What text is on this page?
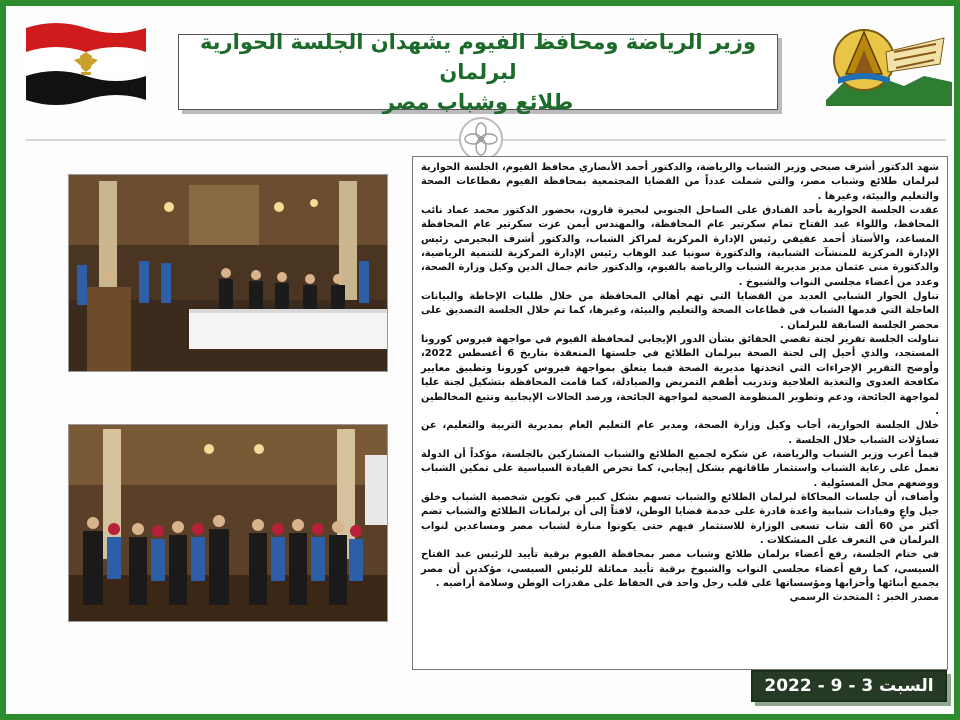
وزير الرياضة ومحافظ الفيوم يشهدان الجلسة الحوارية لبرلمان
طلائع وشباب مصر

شهد الدكتور أشرف صبحي وزير الشباب والرياضة، والدكتور أحمد الأنصاري محافظ الفيوم، الجلسة الحوارية لبرلمان طلائع وشباب مصر، والتي شملت عدداً من القضايا المجتمعية بمحافظة الفيوم بقطاعات الصحة والتعليم والبيئة، وغيرها .

عقدت الجلسة الحوارية بأحد الفنادق على الساحل الجنوبي لبحيرة قارون، بحضور الدكتور محمد عماد نائب المحافظ، واللواء عبد الفتاح تمام سكرتير عام المحافظة، والمهندس أيمن عزت سكرتير عام المحافظة المساعد، والأستاذ أحمد عفيفي رئيس الإدارة المركزية لمراكز الشباب، والدكتور أشرف البحيرمي رئيس الإدارة المركزية للمنشآت الشبابية، والدكتورة سونيا عبد الوهاب رئيس الإدارة المركزية للتنمية الرياضية، والدكتورة منى عثمان مدير مديرية الشباب والرياضة بالفيوم، والدكتور حاتم جمال الدين وكيل وزارة الصحة، وعدد من أعضاء مجلسي النواب والشيوخ .

تناول الحوار الشبابي العديد من القضايا التي تهم أهالي المحافظة من خلال طلبات الإحاطة والبيانات العاجلة التي قدمها الشباب في قطاعات الصحة والتعليم والبيئة، وغيرها، كما تم خلال الجلسة التصديق على محضر الجلسة السابقة للبرلمان .

تناولت الجلسة تقرير لجنة تقصي الحقائق بشأن الدور الإيجابي لمحافظة الفيوم في مواجهة فيروس كورونا المستجد، والذي أحيل إلى لجنة الصحة ببرلمان الطلائع في جلستها المنعقدة بتاريخ 6 أغسطس 2022، وأوضح التقرير الإجراءات التي اتخذتها مديرية الصحة فيما يتعلق بمواجهة فيروس كورونا وتطبيق معايير مكافحة العدوى والتغذية العلاجية وتدريب أطقم التمريض والصيادلة، كما قامت المحافظة بتشكيل لجنة عليا لمواجهة الجائحة، ودعم وتطوير المنظومة الصحية لمواجهة الجائحة، ورصد الحالات الإيجابية وتتبع المخالطين .

خلال الجلسة الحوارية، أجاب وكيل وزارة الصحة، ومدير عام التعليم العام بمديرية التربية والتعليم، عن تساؤلات الشباب خلال الجلسة .

فيما أعرب وزير الشباب والرياضة، عن شكره لجميع الطلائع والشباب المشاركين بالجلسة، مؤكداً أن الدولة تعمل على رعاية الشباب واستثمار طاقاتهم بشكل إيجابي، كما تحرص القيادة السياسية على تمكين الشباب ووضعهم محل المسئولية .

وأضاف، أن جلسات المحاكاة لبرلمان الطلائع والشباب تسهم بشكل كبير في تكوين شخصية الشباب وخلق جيل واعٍ وقيادات شبابية واعدة قادرة على خدمة قضايا الوطن، لافتاً إلى أن برلمانات الطلائع والشباب تضم أكثر من 60 ألف شاب تسعى الوزارة للاستثمار فيهم حتى يكونوا منارة لشباب مصر ومساعدين لنواب البرلمان في التعرف على المشكلات .

في ختام الجلسة، رفع أعضاء برلمان طلائع وشباب مصر بمحافظة الفيوم برقية تأييد للرئيس عبد الفتاح السيسي، كما رفع أعضاء مجلسي النواب والشيوخ برقية تأييد مماثلة للرئيس السيسي، مؤكدين أن مصر بجميع أبنائها وأحزابها ومؤسساتها على قلب رجل واحد في الحفاظ على مقدرات الوطن وسلامة أراضيه .

مصدر الخبر : المتحدث الرسمي

السبت 3 - 9 - 2022
